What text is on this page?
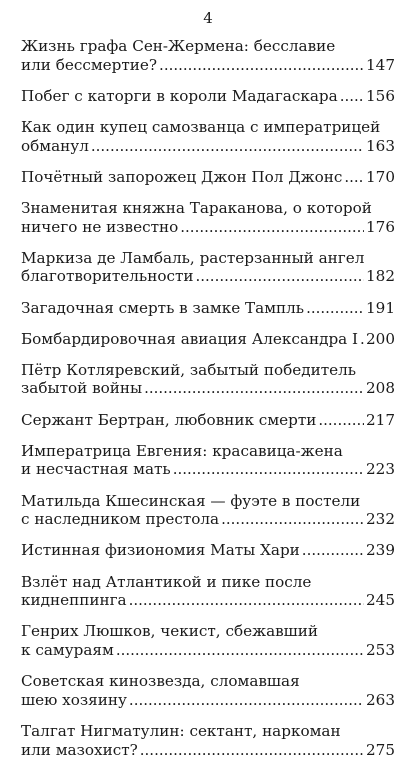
4
Жизнь графа Сен-Жермена: бесславие
или бессмертие? .....	147
Побег с каторги в короли Мадагаскара ..... 156
Как один купец самозванца с императрицей
обманул .....	163
Почётный запорожец Джон Пол Джонс ..... 170
Знаменитая княжна Тараканова, о которой
ничего не известно .....	176
Маркиза де Ламбаль, растерзанный ангел
благотворительности .....	182
Загадочная смерть в замке Тампль .....	191
Бомбардировочная авиация Александра I ..... 200
Пётр Котляревский, забытый победитель
забытой войны .....	208
Сержант Бертран, любовник смерти .....	217
Императрица Евгения: красавица-жена
и несчастная мать .....	223
Матильда Кшесинская — фуэте в постели
с наследником престола .....	232
Истинная физиономия Маты Хари .....	239
Взлёт над Атлантикой и пике после
киднеппинга .....	245
Генрих Люшков, чекист, сбежавший
к самураям .....	253
Советская кинозвезда, сломавшая
шею хозяину .....	263
Талгат Нигматулин: сектант, наркоман
или мазохист? .....	275
